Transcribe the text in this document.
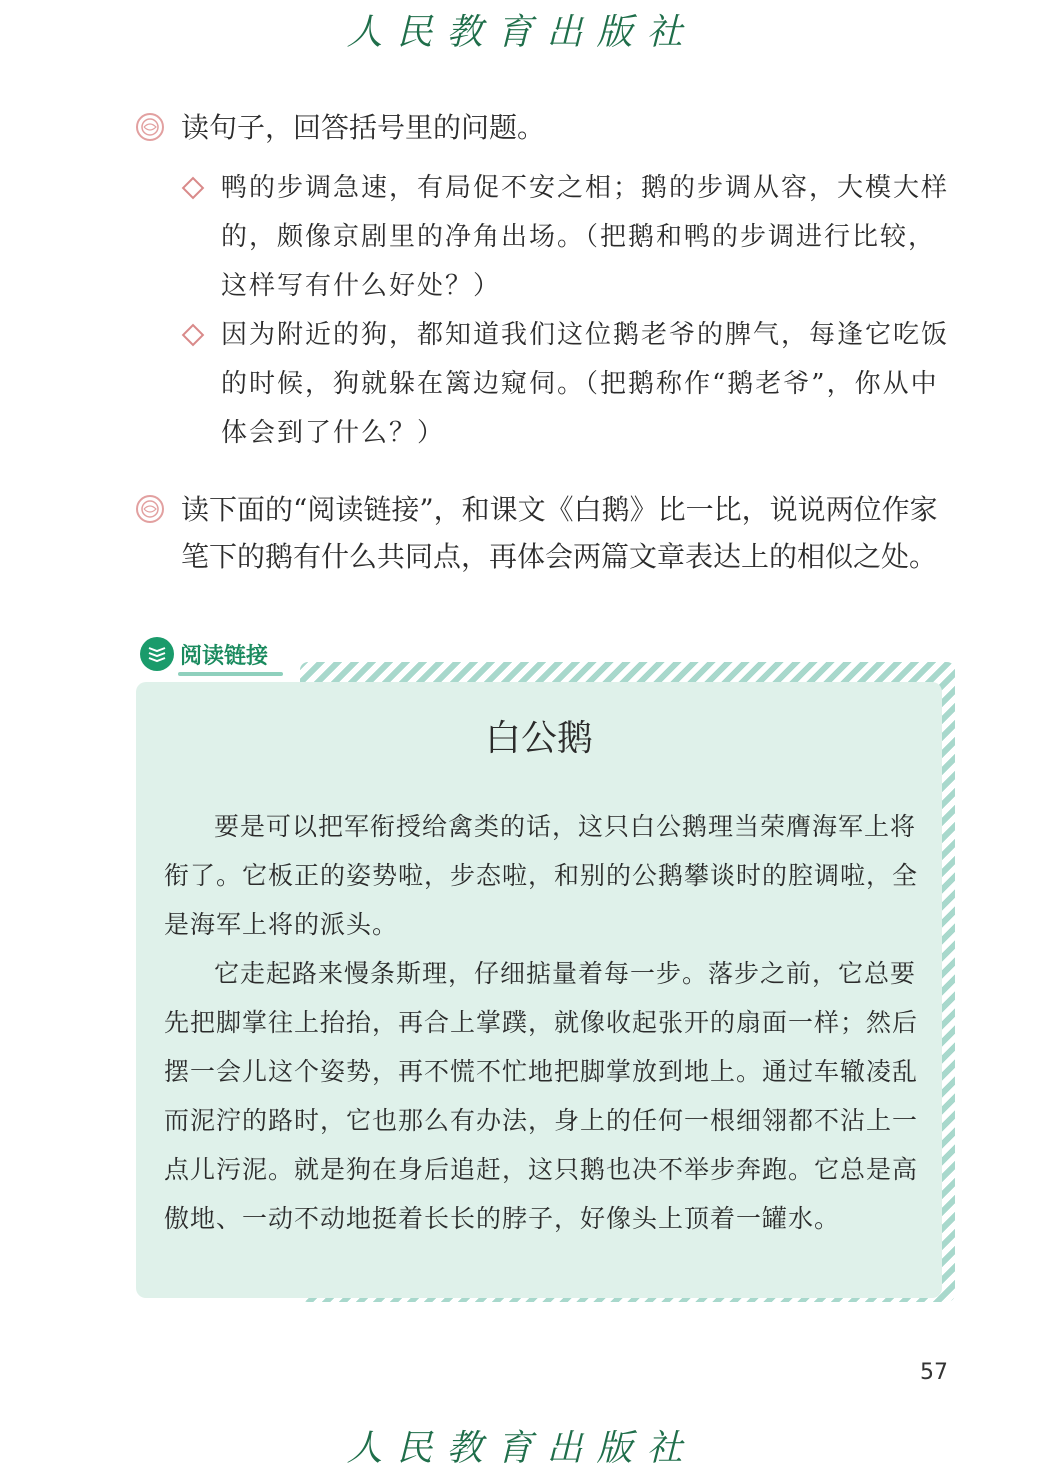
人民教育出版社
读句子，回答括号里的问题。
鸭的步调急速，有局促不安之相；鹅的步调从容，大模大样的，颇像京剧里的净角出场。（把鹅和鸭的步调进行比较，这样写有什么好处？）
因为附近的狗，都知道我们这位鹅老爷的脾气，每逢它吃饭的时候，狗就躲在篱边窥伺。（把鹅称作“鹅老爷”，你从中体会到了什么？）
读下面的“阅读链接”，和课文《白鹅》比一比，说说两位作家笔下的鹅有什么共同点，再体会两篇文章表达上的相似之处。
阅读链接
白公鹅

要是可以把军衔授给禽类的话，这只白公鹅理当荣膺海军上将衔了。它板正的姿势啦，步态啦，和别的公鹅攀谈时的腔调啦，全是海军上将的派头。

它走起路来慢条斯理，仔细掂量着每一步。落步之前，它总要先把脚掌往上抬抬，再合上掌蹼，就像收起张开的扇面一样；然后摆一会儿这个姿势，再不慌不忙地把脚掌放到地上。通过车辙凌乱而泥泞的路时，它也那么有办法，身上的任何一根细翎都不沾上一点儿污泥。就是狗在身后追赶，这只鹅也决不举步奔跑。它总是高傲地、一动不动地挺着长长的脖子，好像头上顶着一罐水。

57
人民教育出版社
